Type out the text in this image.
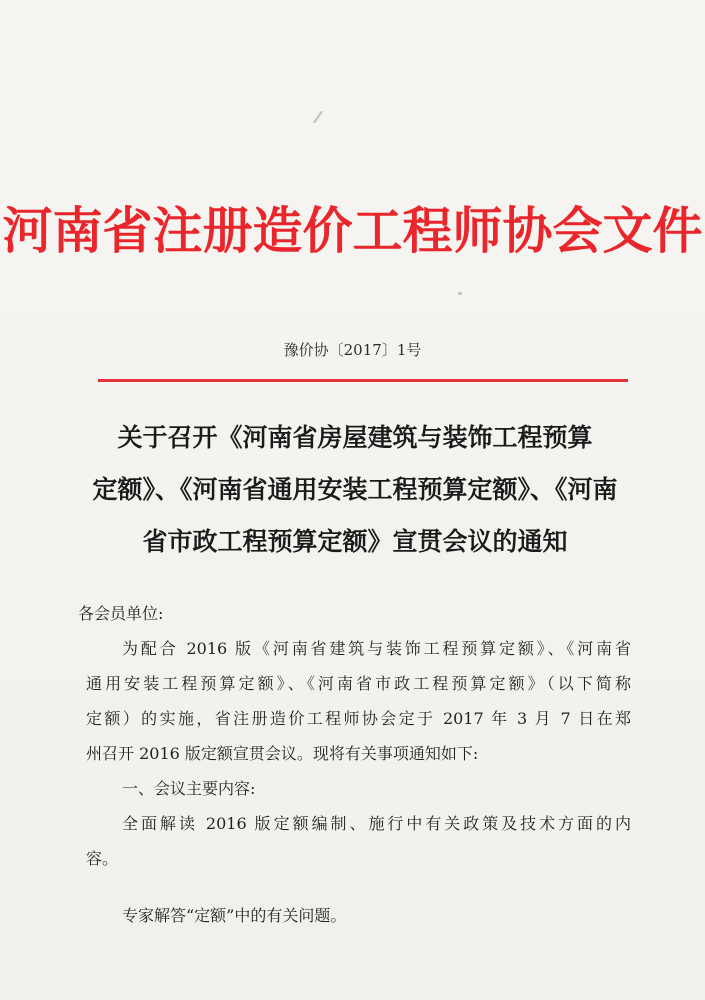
河南省注册造价工程师协会文件
豫价协〔2017〕1号
关于召开《河南省房屋建筑与装饰工程预算
定额》、《河南省通用安装工程预算定额》、《河南
省市政工程预算定额》宣贯会议的通知
各会员单位:
为配合 2016 版《河南省建筑与装饰工程预算定额》、《河南省
通用安装工程预算定额》、《河南省市政工程预算定额》（以下简称
定额）的实施，省注册造价工程师协会定于 2017 年 3 月 7 日在郑
州召开 2016 版定额宣贯会议。现将有关事项通知如下:
一、会议主要内容:
全面解读 2016 版定额编制、施行中有关政策及技术方面的内
容。
专家解答“定额”中的有关问题。
